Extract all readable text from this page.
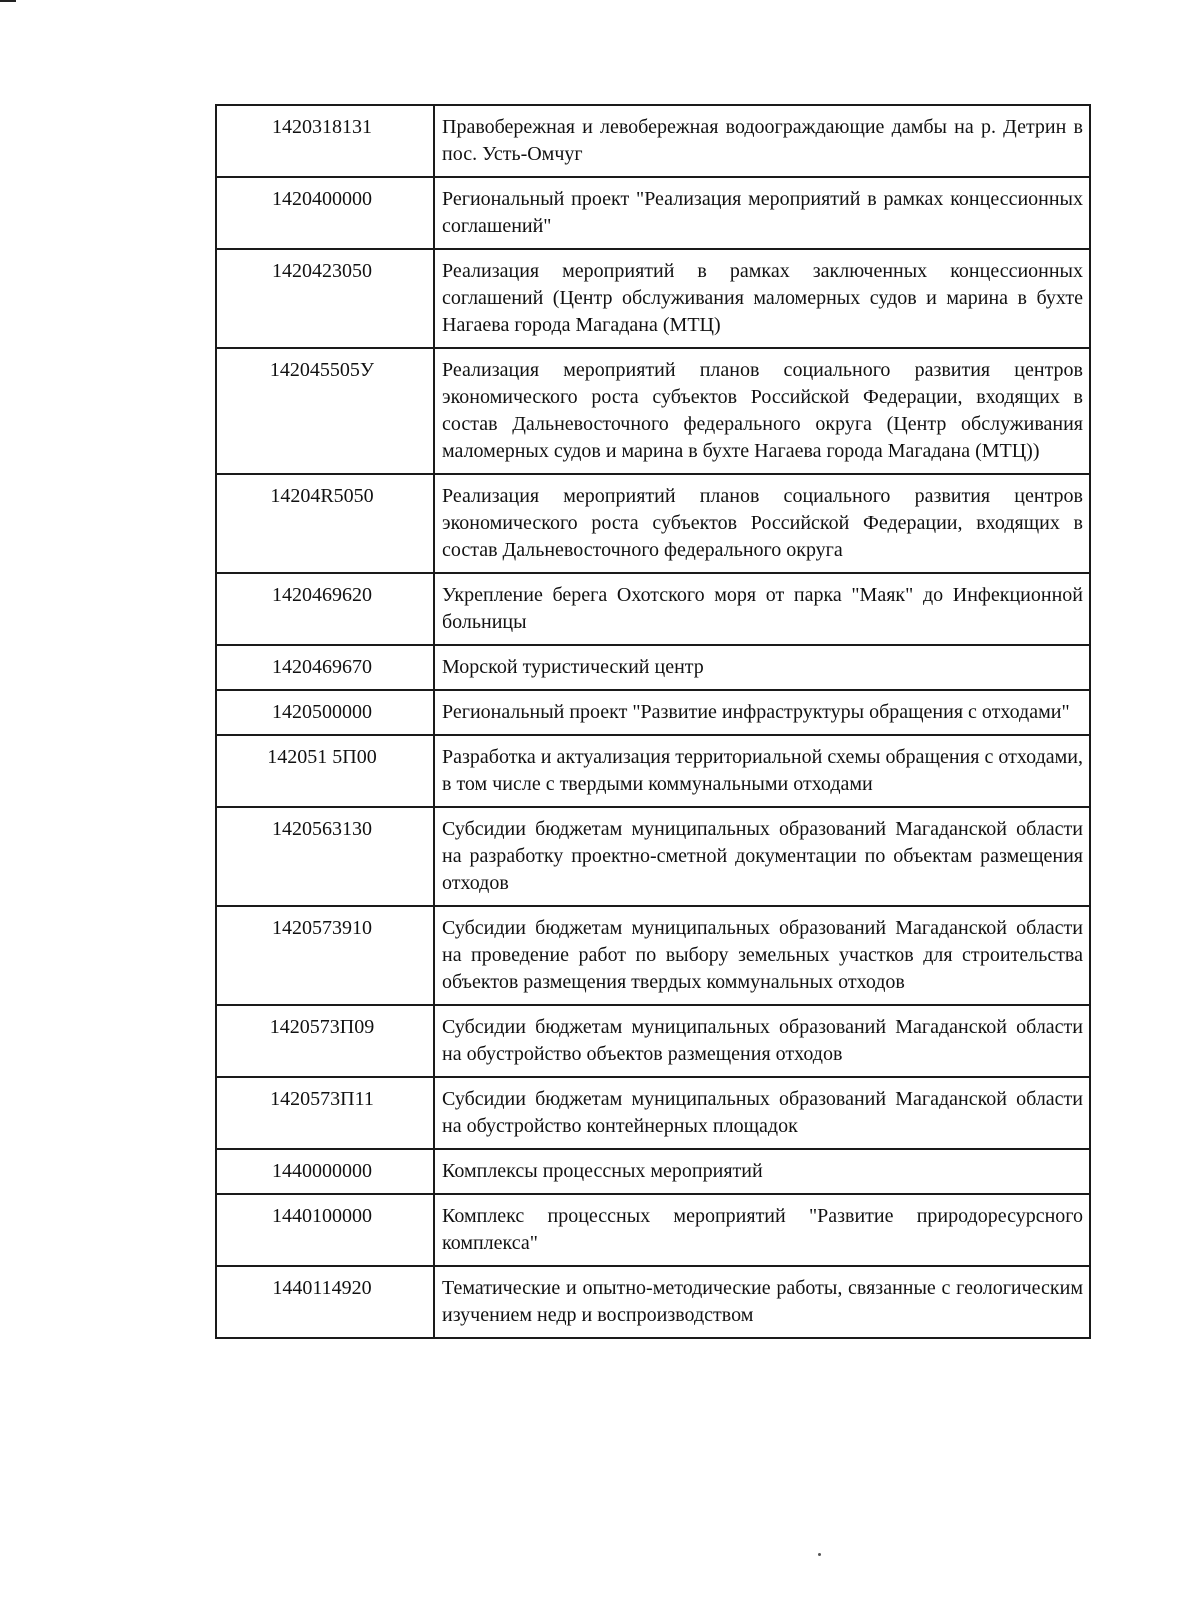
1420318131	Правобережная и левобережная водоограждающие дамбы на р. Детрин в пос. Усть-Омчуг
1420400000	Региональный проект "Реализация мероприятий в рамках концессионных соглашений"
1420423050	Реализация мероприятий в рамках заключенных концессионных соглашений (Центр обслуживания маломерных судов и марина в бухте Нагаева города Магадана (МТЦ)
142045505У	Реализация мероприятий планов социального развития центров экономического роста субъектов Российской Федерации, входящих в состав Дальневосточного федерального округа (Центр обслуживания маломерных судов и марина в бухте Нагаева города Магадана (МТЦ))
14204R5050	Реализация мероприятий планов социального развития центров экономического роста субъектов Российской Федерации, входящих в состав Дальневосточного федерального округа
1420469620	Укрепление берега Охотского моря от парка "Маяк" до Инфекционной больницы
1420469670	Морской туристический центр
1420500000	Региональный проект "Развитие инфраструктуры обращения с отходами"
142051 5П00	Разработка и актуализация территориальной схемы обращения с отходами, в том числе с твердыми коммунальными отходами
1420563130	Субсидии бюджетам муниципальных образований Магаданской области на разработку проектно-сметной документации по объектам размещения отходов
1420573910	Субсидии бюджетам муниципальных образований Магаданской области на проведение работ по выбору земельных участков для строительства объектов размещения твердых коммунальных отходов
1420573П09	Субсидии бюджетам муниципальных образований Магаданской области на обустройство объектов размещения отходов
1420573П11	Субсидии бюджетам муниципальных образований Магаданской области на обустройство контейнерных площадок
1440000000	Комплексы процессных мероприятий
1440100000	Комплекс процессных мероприятий "Развитие природоресурсного комплекса"
1440114920	Тематические и опытно-методические работы, связанные с геологическим изучением недр и воспроизводством
